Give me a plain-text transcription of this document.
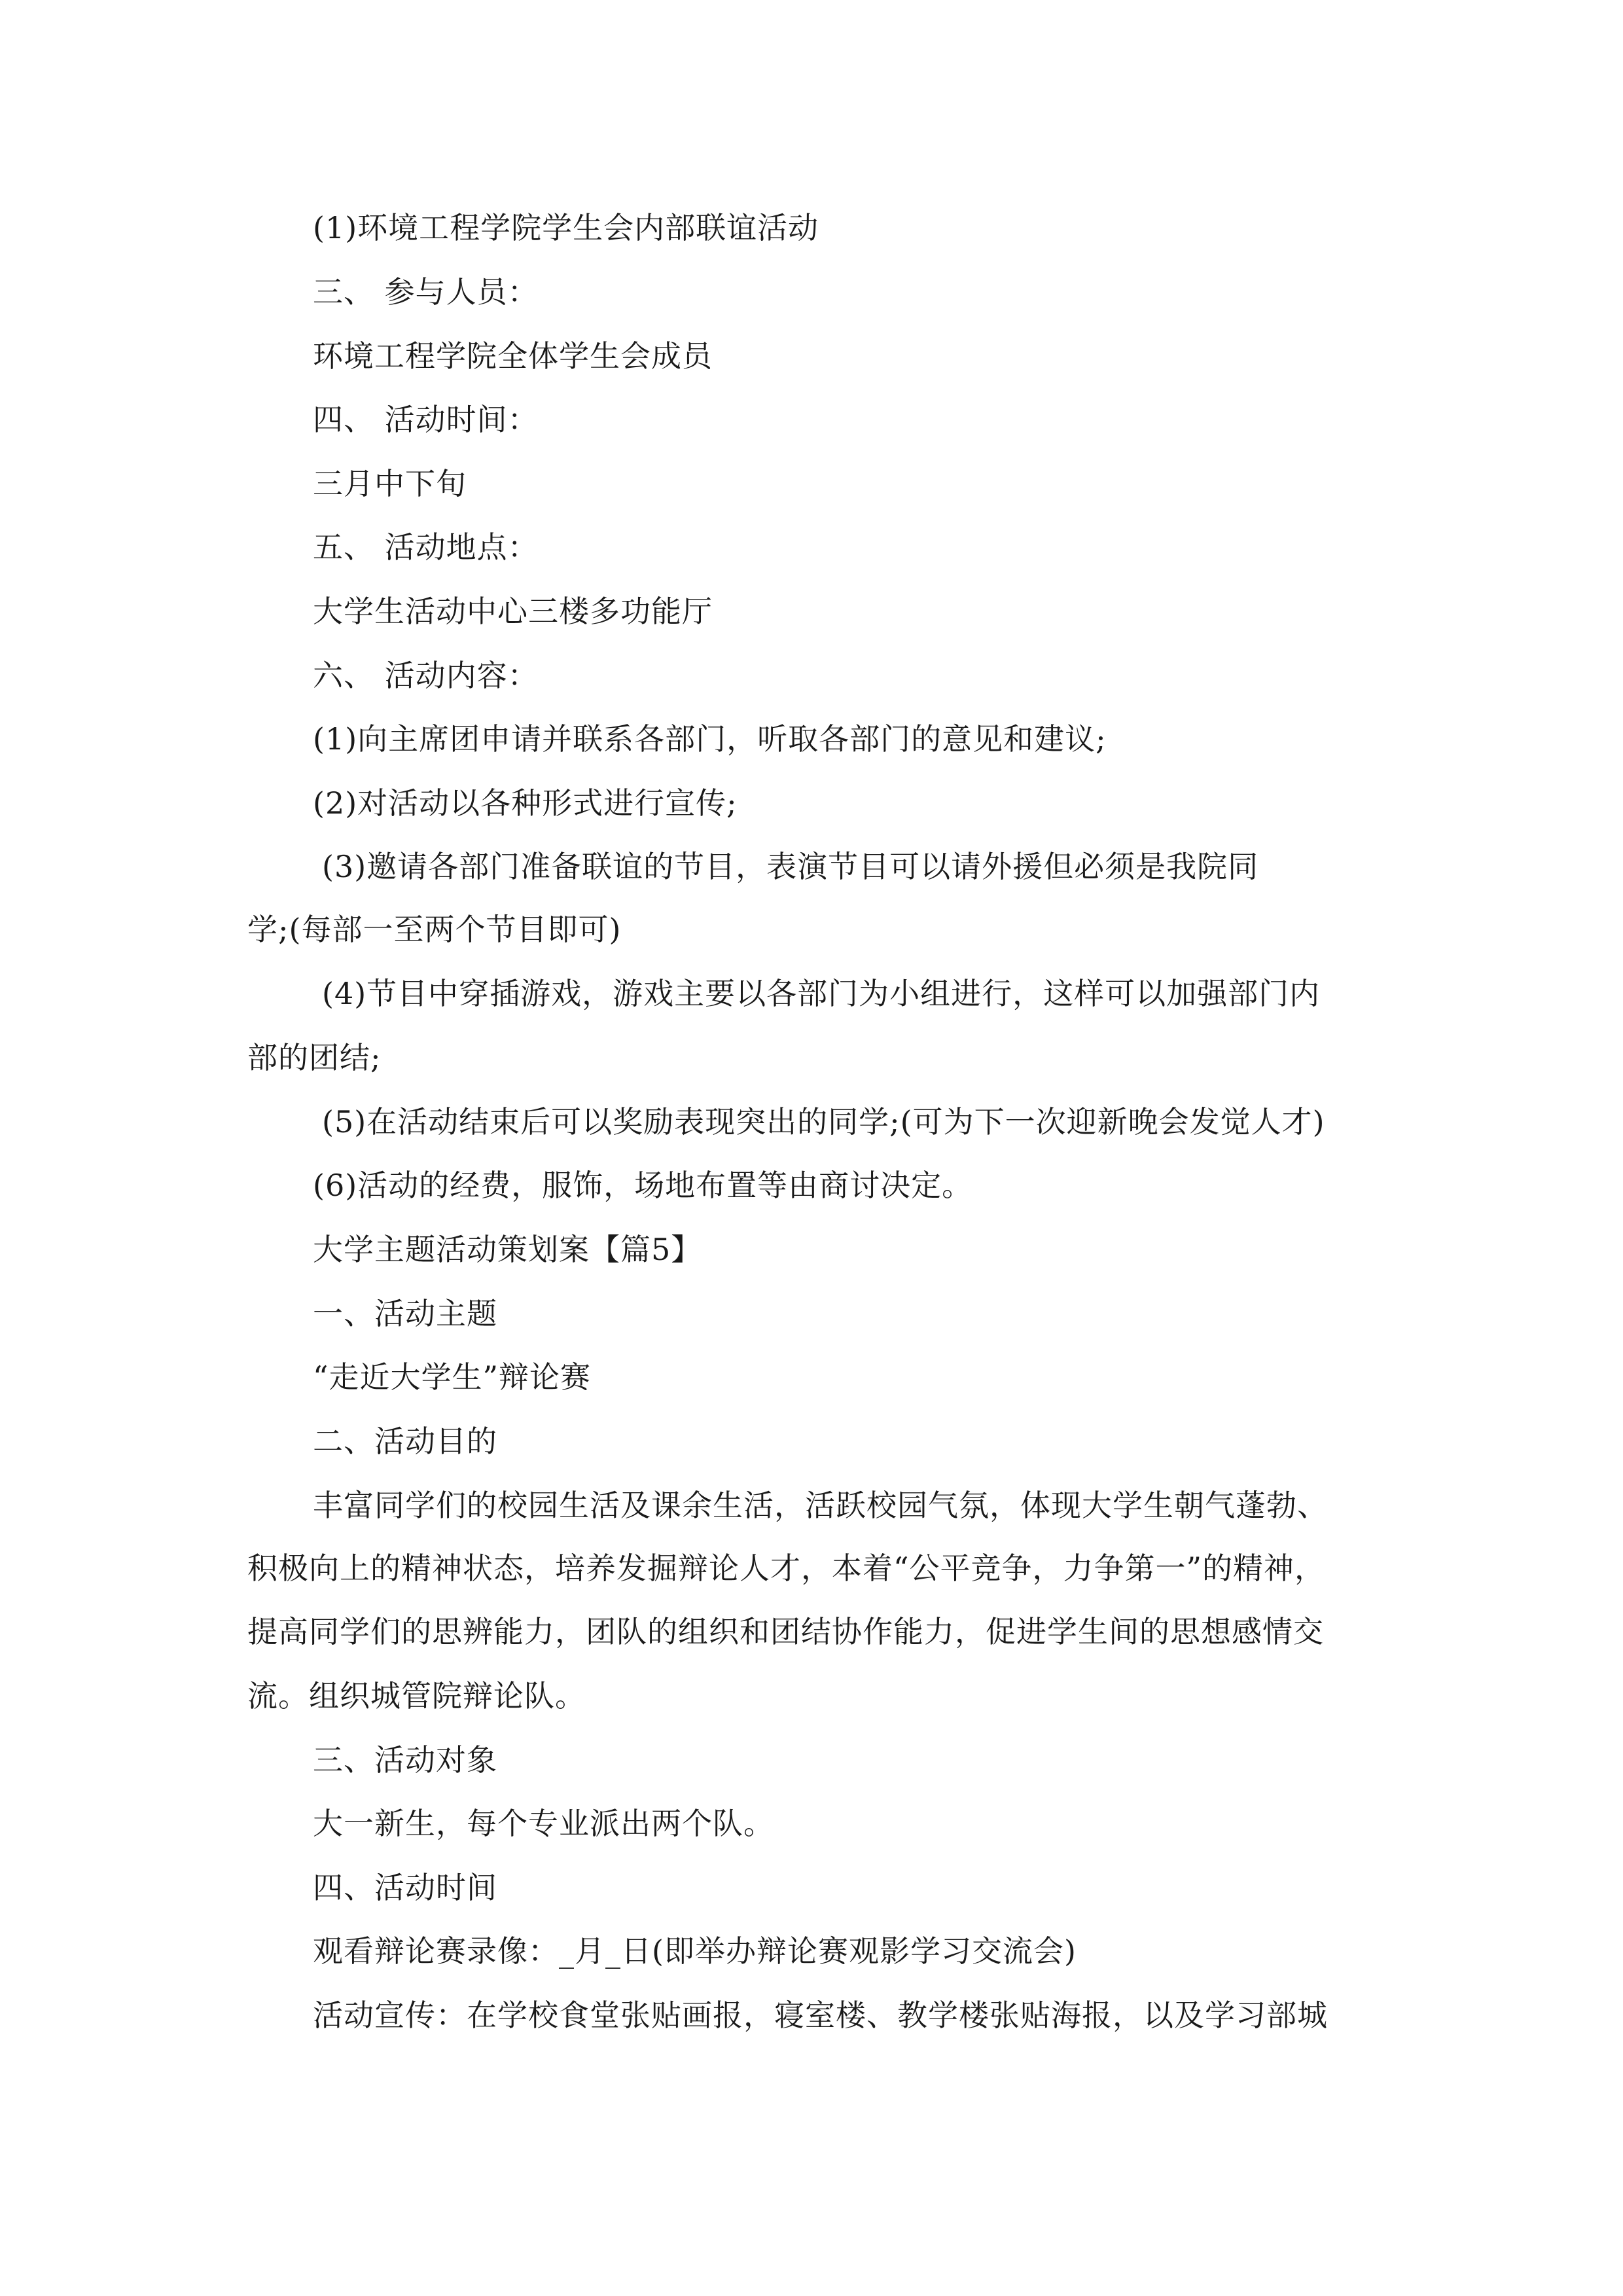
(1)环境工程学院学生会内部联谊活动
三、 参与人员：
环境工程学院全体学生会成员
四、 活动时间：
三月中下旬
五、 活动地点：
大学生活动中心三楼多功能厅
六、 活动内容：
(1)向主席团申请并联系各部门，听取各部门的意见和建议;
(2)对活动以各种形式进行宣传;
(3)邀请各部门准备联谊的节目，表演节目可以请外援但必须是我院同
学;(每部一至两个节目即可)
(4)节目中穿插游戏，游戏主要以各部门为小组进行，这样可以加强部门内
部的团结;
(5)在活动结束后可以奖励表现突出的同学;(可为下一次迎新晚会发觉人才)
(6)活动的经费，服饰，场地布置等由商讨决定。
大学主题活动策划案【篇5】
一、活动主题
“走近大学生”辩论赛
二、活动目的
丰富同学们的校园生活及课余生活，活跃校园气氛，体现大学生朝气蓬勃、
积极向上的精神状态，培养发掘辩论人才，本着“公平竞争，力争第一”的精神，
提高同学们的思辨能力，团队的组织和团结协作能力，促进学生间的思想感情交
流。组织城管院辩论队。
三、活动对象
大一新生，每个专业派出两个队。
四、活动时间
观看辩论赛录像：_月_日(即举办辩论赛观影学习交流会)
活动宣传：在学校食堂张贴画报，寝室楼、教学楼张贴海报，以及学习部城
